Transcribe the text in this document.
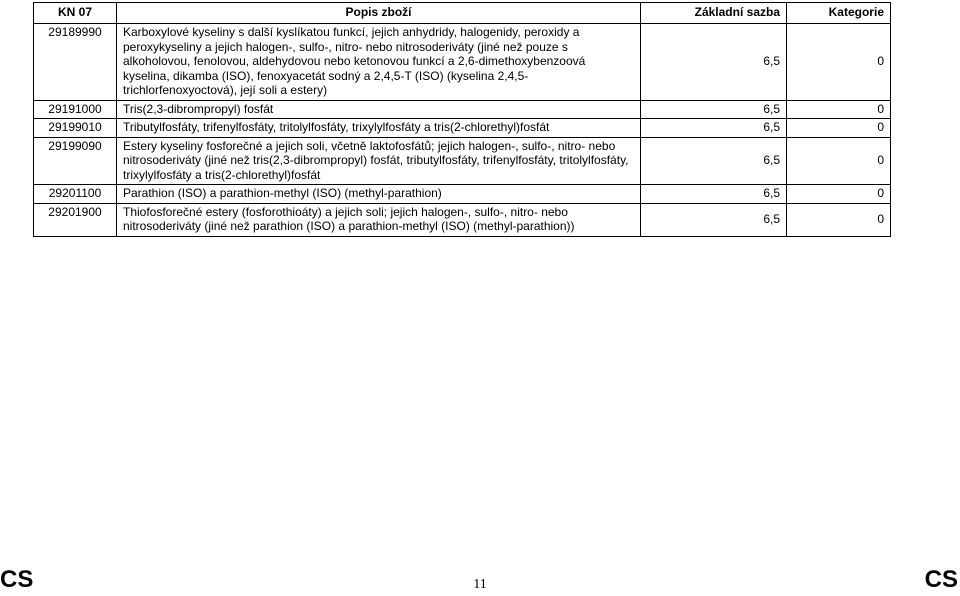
KN 07	Popis zboží	Základní sazba	Kategorie
29189990	Karboxylové kyseliny s další kyslíkatou funkcí, jejich anhydridy, halogenidy, peroxidy a peroxykyseliny a jejich halogen-, sulfo-, nitro- nebo nitrosoderiváty (jiné než pouze s alkoholovou, fenolovou, aldehydovou nebo ketonovou funkcí a 2,6-dimethoxybenzoová kyselina, dikamba (ISO), fenoxyacetát sodný a 2,4,5-T (ISO) (kyselina 2,4,5-trichlorfenoxyoctová), její soli a estery)	6,5	0
29191000	Tris(2,3-dibrompropyl) fosfát	6,5	0
29199010	Tributylfosfáty, trifenylfosfáty, tritolylfosfáty, trixylylfosfáty a tris(2-chlorethyl)fosfát	6,5	0
29199090	Estery kyseliny fosforečné a jejich soli, včetně laktofosfátů; jejich halogen-, sulfo-, nitro- nebo nitrosoderiváty (jiné než tris(2,3-dibrompropyl) fosfát, tributylfosfáty, trifenylfosfáty, tritolylfosfáty, trixylylfosfáty a tris(2-chlorethyl)fosfát	6,5	0
29201100	Parathion (ISO) a parathion-methyl (ISO) (methyl-parathion)	6,5	0
29201900	Thiofosforečné estery (fosforothioáty) a jejich soli; jejich halogen-, sulfo-, nitro- nebo nitrosoderiváty (jiné než parathion (ISO) a parathion-methyl (ISO) (methyl-parathion))	6,5	0
CS	11	CS
